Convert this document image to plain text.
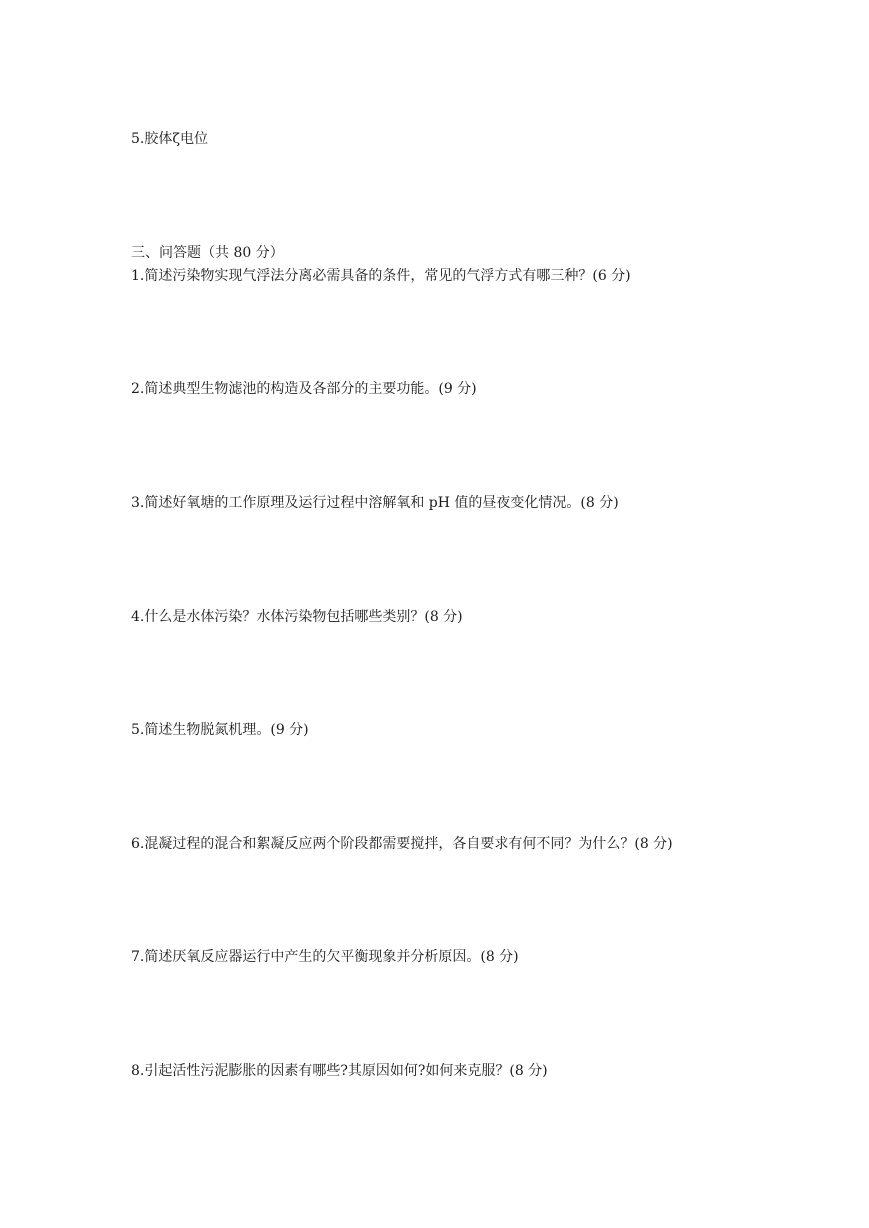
5.胶体ζ电位
三、问答题（共 80 分）
1.简述污染物实现气浮法分离必需具备的条件，常见的气浮方式有哪三种？(6 分)
2.简述典型生物滤池的构造及各部分的主要功能。(9 分)
3.简述好氧塘的工作原理及运行过程中溶解氧和 pH 值的昼夜变化情况。(8 分)
4.什么是水体污染？水体污染物包括哪些类别？(8 分)
5.简述生物脱氮机理。(9 分)
6.混凝过程的混合和絮凝反应两个阶段都需要搅拌，各自要求有何不同？为什么？(8 分)
7.简述厌氧反应器运行中产生的欠平衡现象并分析原因。(8 分)
8.引起活性污泥膨胀的因素有哪些?其原因如何?如何来克服？(8 分)
